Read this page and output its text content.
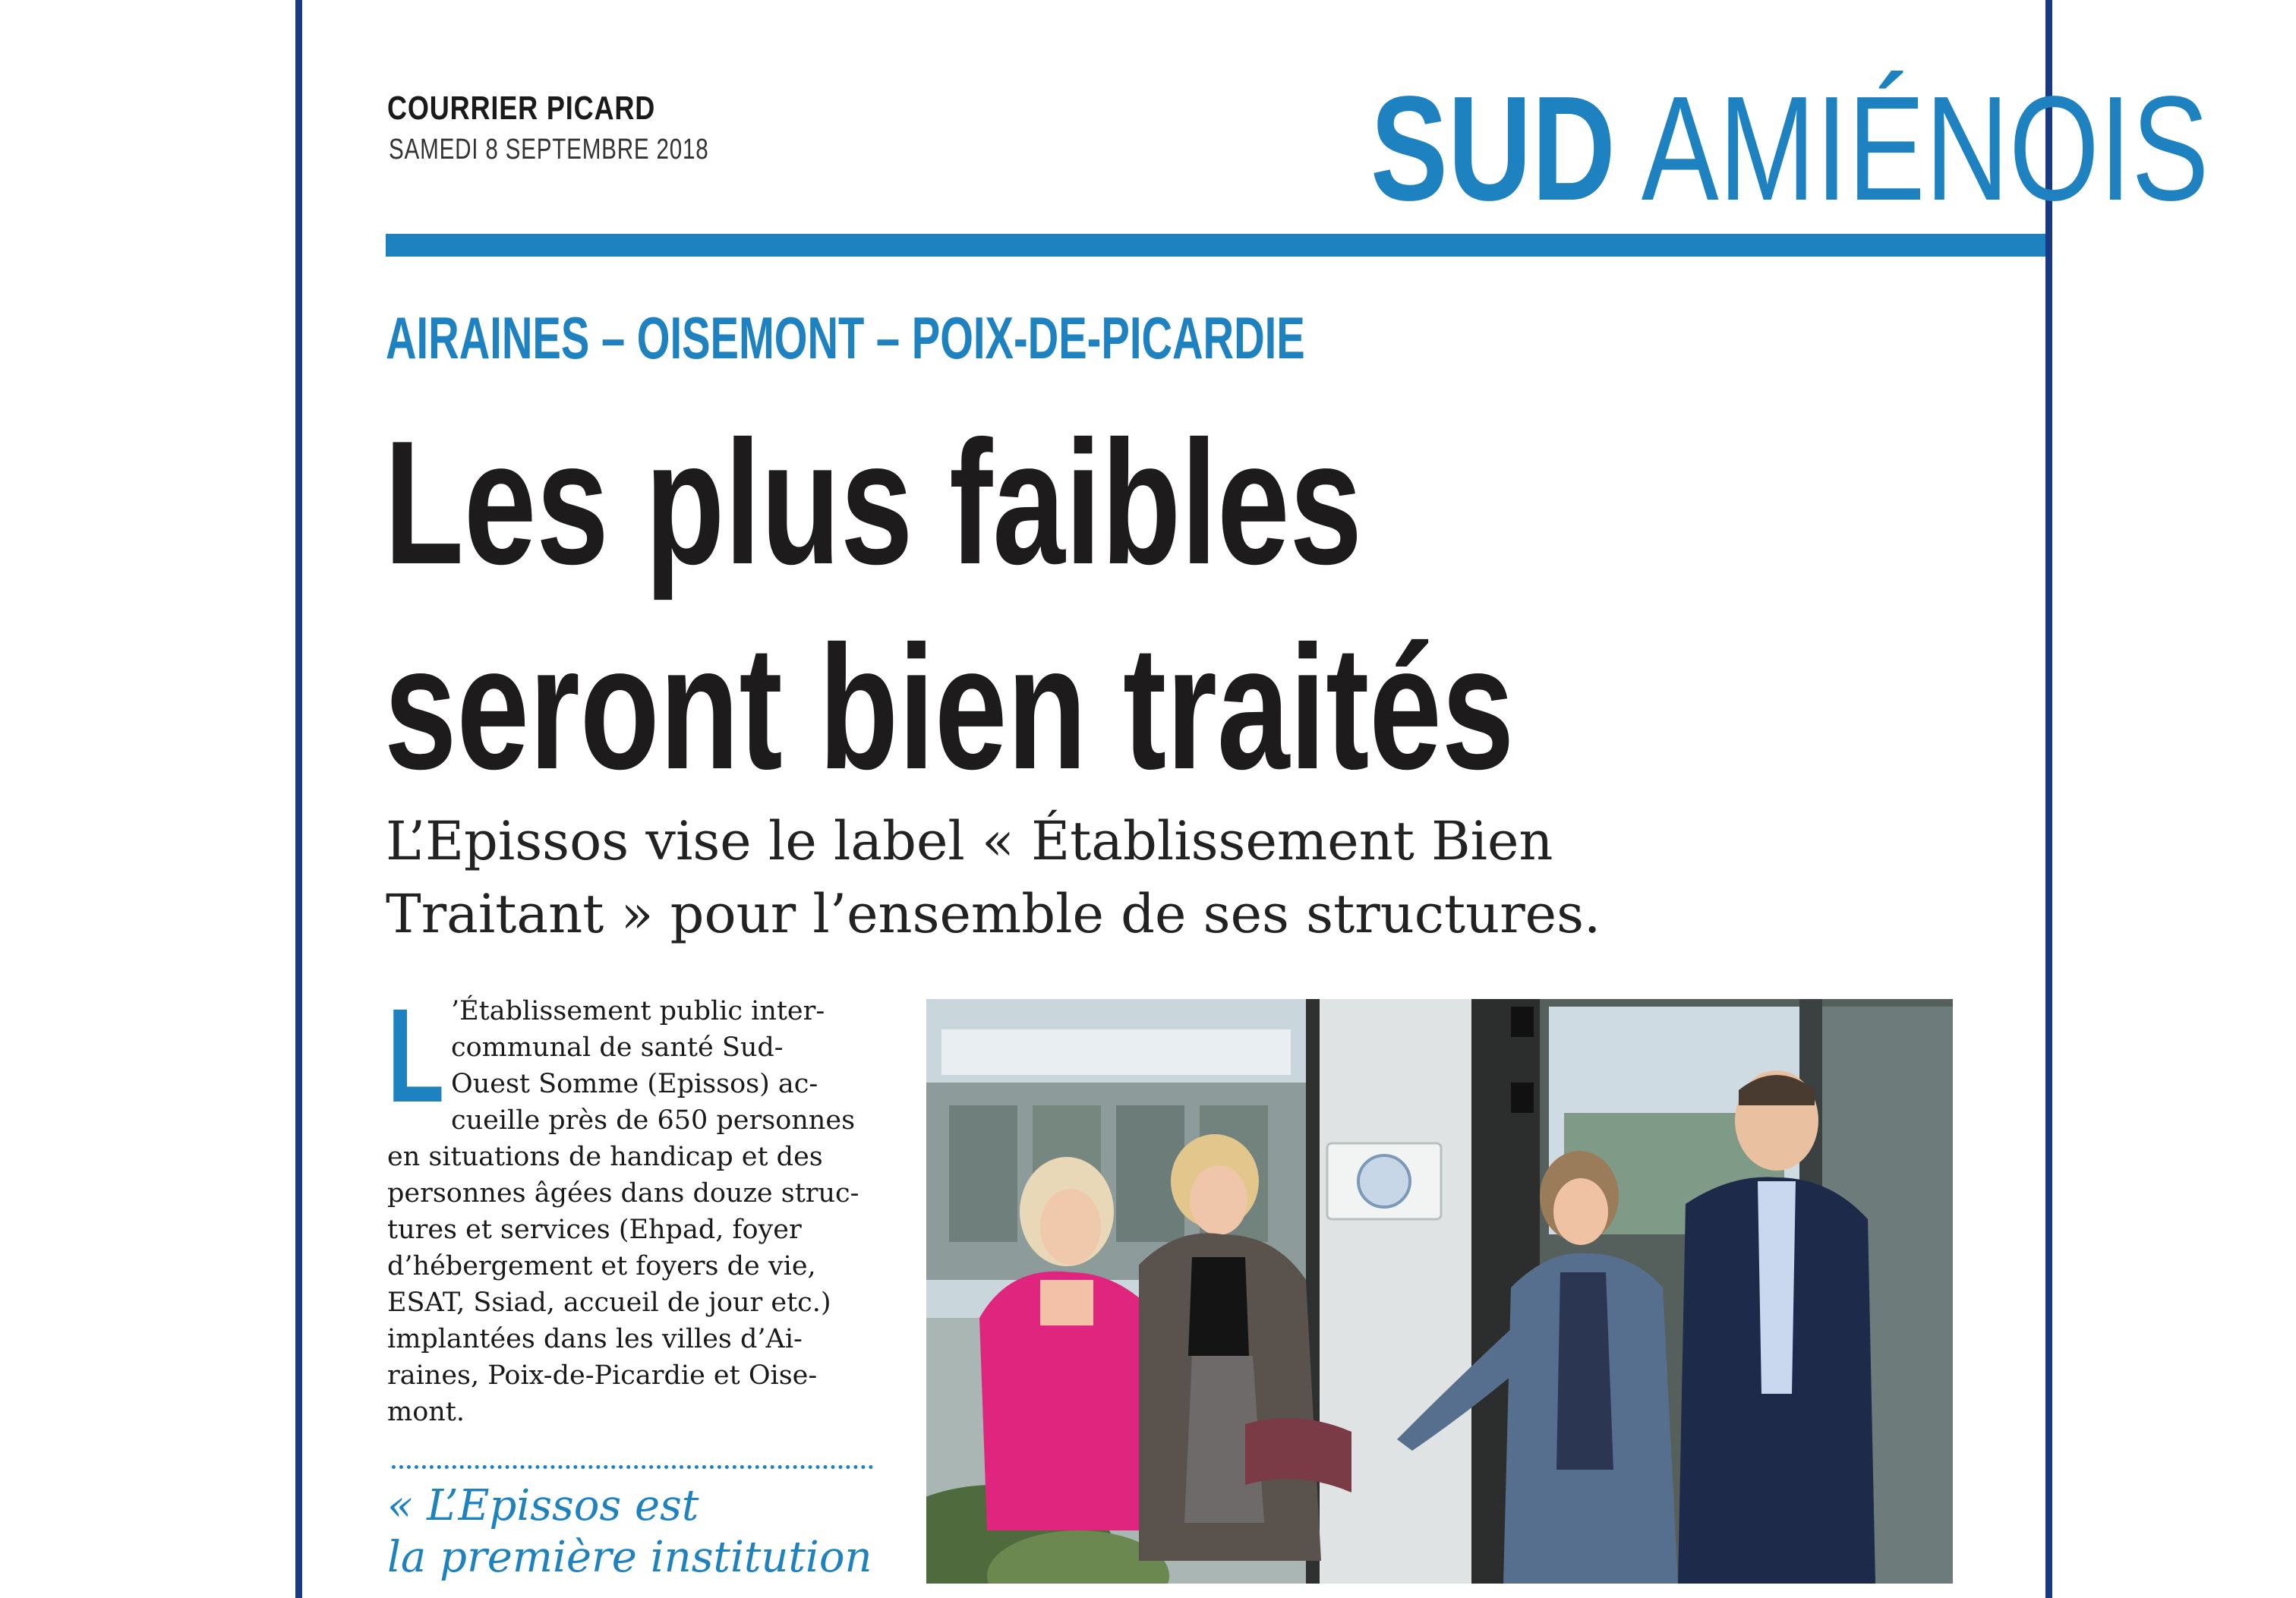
COURRIER PICARD
SAMEDI 8 SEPTEMBRE 2018	SUD AMIÉNOIS
AIRAINES – OISEMONT – POIX-DE-PICARDIE
Les plus faibles
seront bien traités
L’Epissos vise le label « Établissement Bien
Traitant » pour l’ensemble de ses structures.
L ’Établissement public inter-
communal de santé Sud-
Ouest Somme (Epissos) ac-
cueille près de 650 personnes
en situations de handicap et des
personnes âgées dans douze struc-
tures et services (Ehpad, foyer
d’hébergement et foyers de vie,
ESAT, Ssiad, accueil de jour etc.)
implantées dans les villes d’Ai-
raines, Poix-de-Picardie et Oise-
mont.
« L’Epissos est
la première institution
